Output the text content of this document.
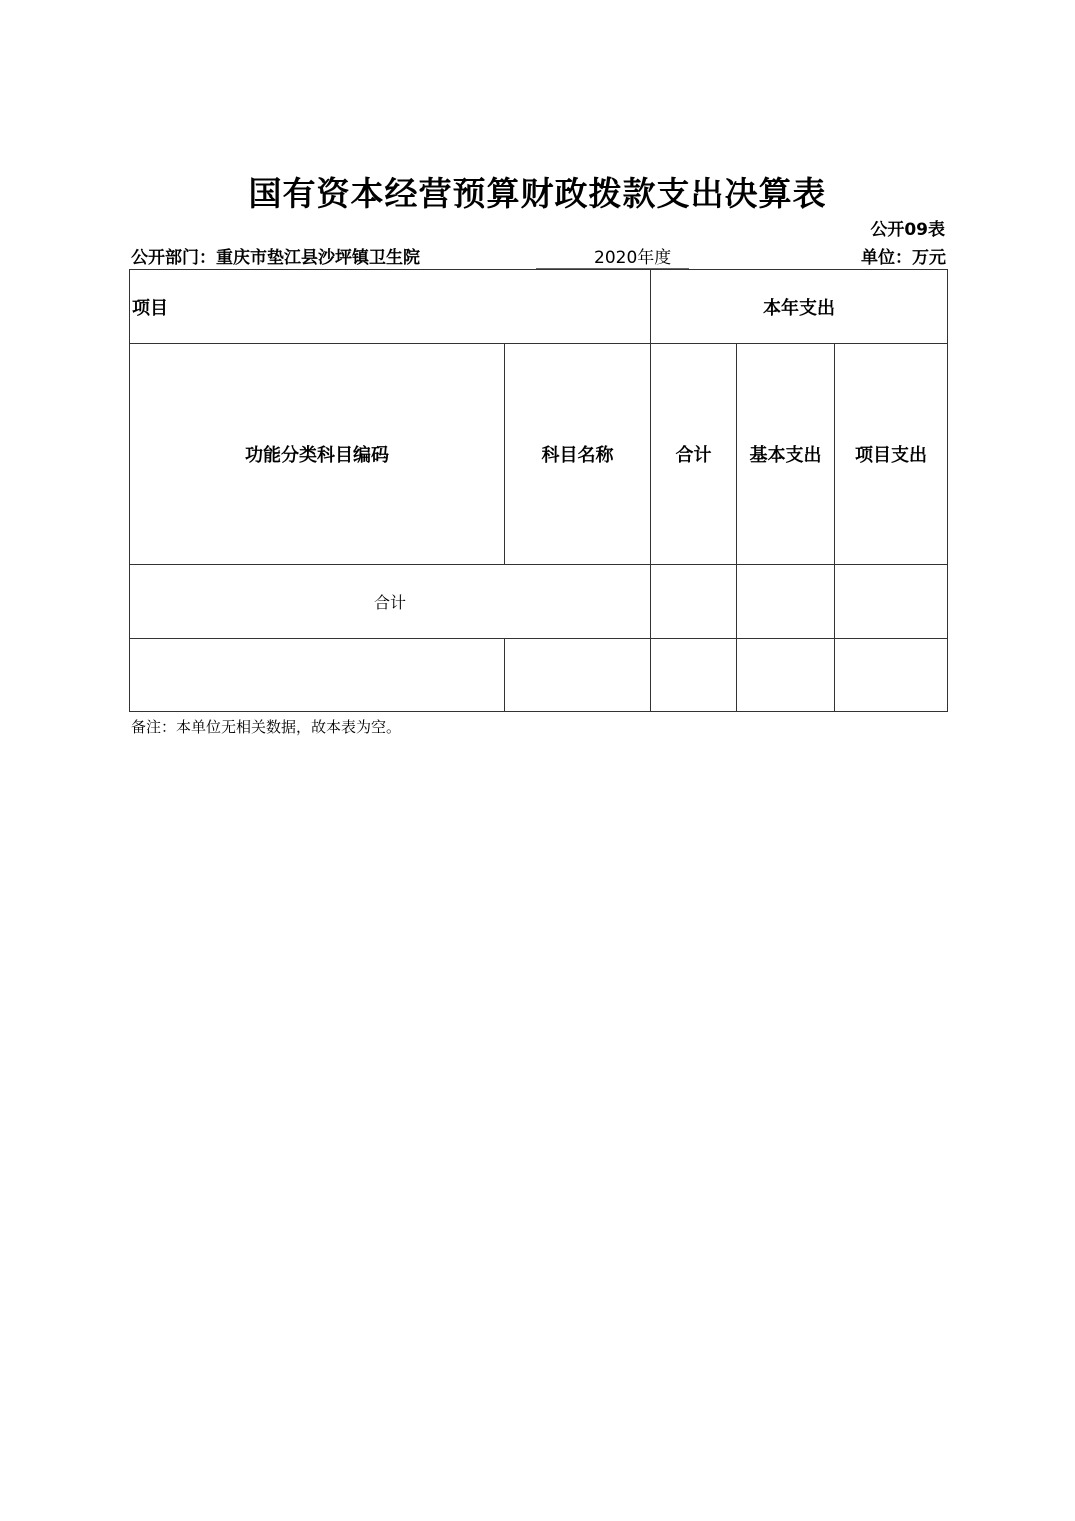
国有资本经营预算财政拨款支出决算表
公开09表
公开部门：重庆市垫江县沙坪镇卫生院	2020年度	单位：万元
项目		本年支出		
功能分类科目编码	科目名称	合计	基本支出	项目支出
合计				

备注：本单位无相关数据，故本表为空。
